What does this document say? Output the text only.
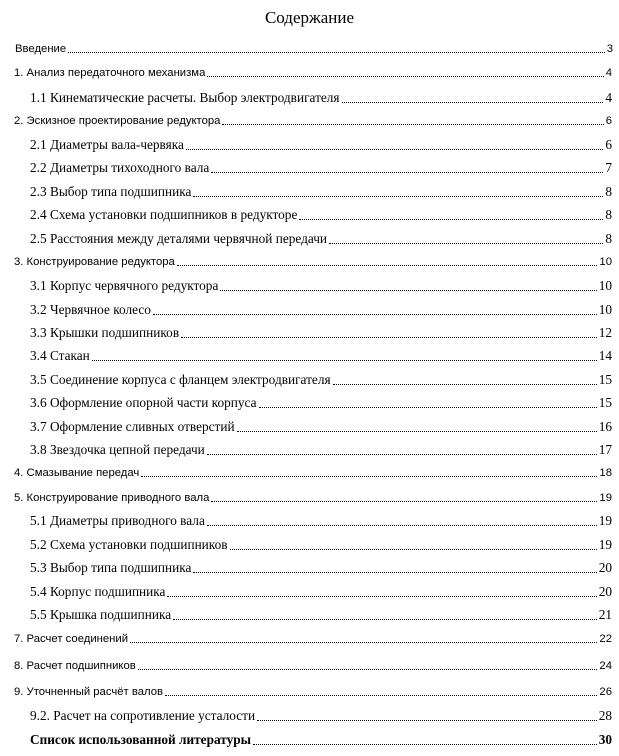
Содержание
Введение	3
1. Анализ передаточного механизма	4
1.1 Кинематические расчеты. Выбор электродвигателя	4
2. Эскизное проектирование редуктора	6
2.1 Диаметры вала-червяка	6
2.2 Диаметры тихоходного вала	7
2.3 Выбор типа подшипника	8
2.4 Схема установки подшипников в редукторе	8
2.5 Расстояния между деталями червячной передачи	8
3. Конструирование редуктора	10
3.1 Корпус червячного редуктора	10
3.2 Червячное колесо	10
3.3 Крышки подшипников	12
3.4 Стакан	14
3.5 Соединение корпуса с фланцем электродвигателя	15
3.6 Оформление опорной части корпуса	15
3.7 Оформление сливных отверстий	16
3.8 Звездочка цепной передачи	17
4. Смазывание передач	18
5. Конструирование приводного вала	19
5.1 Диаметры приводного вала	19
5.2 Схема установки подшипников	19
5.3 Выбор типа подшипника	20
5.4 Корпус подшипника	20
5.5 Крышка подшипника	21
7. Расчет соединений	22
8. Расчет подшипников	24
9. Уточненный расчёт валов	26
9.2. Расчет на сопротивление усталости	28
Список использованной литературы	30
